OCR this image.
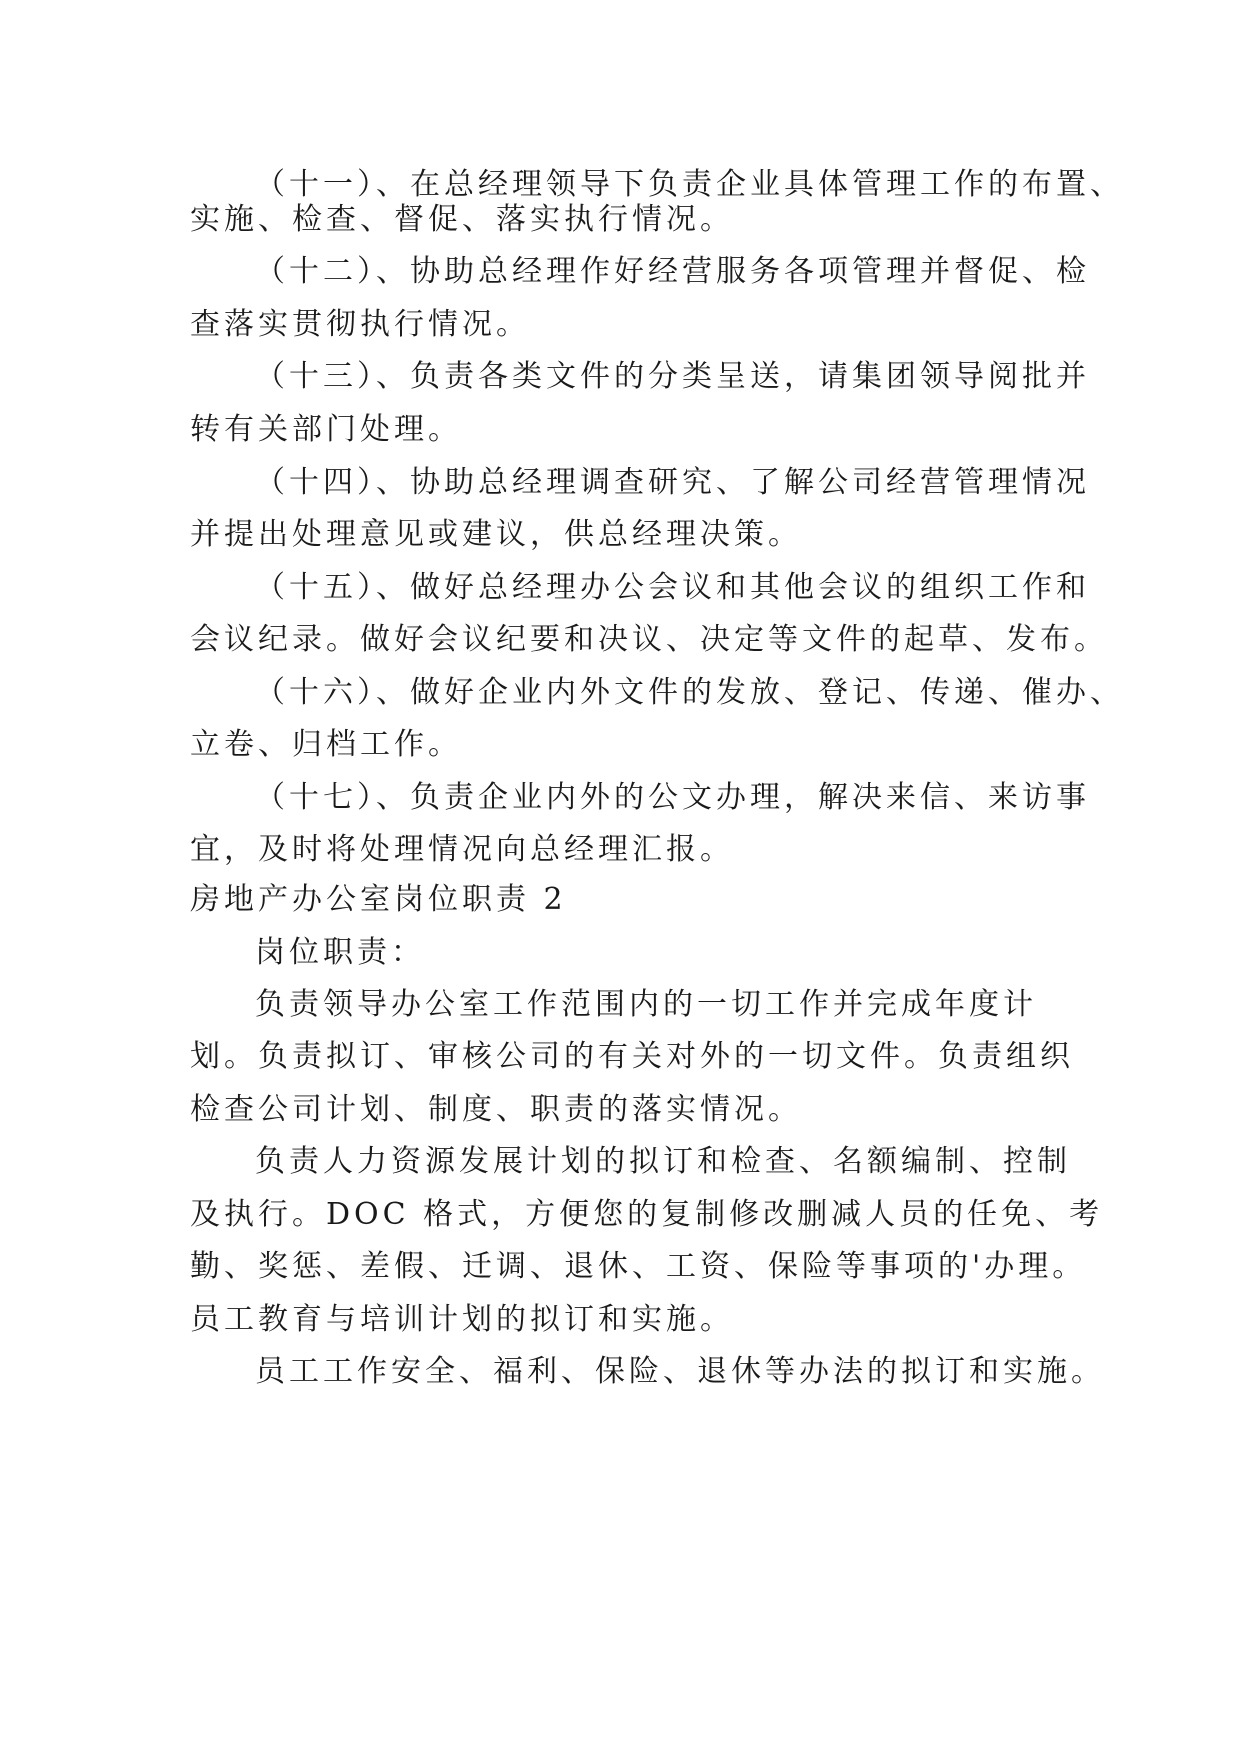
（十一）、在总经理领导下负责企业具体管理工作的布置、
实施、检查、督促、落实执行情况。
（十二）、协助总经理作好经营服务各项管理并督促、检
查落实贯彻执行情况。
（十三）、负责各类文件的分类呈送，请集团领导阅批并
转有关部门处理。
（十四）、协助总经理调查研究、了解公司经营管理情况
并提出处理意见或建议，供总经理决策。
（十五）、做好总经理办公会议和其他会议的组织工作和
会议纪录。做好会议纪要和决议、决定等文件的起草、发布。
（十六）、做好企业内外文件的发放、登记、传递、催办、
立卷、归档工作。
（十七）、负责企业内外的公文办理，解决来信、来访事
宜，及时将处理情况向总经理汇报。
房地产办公室岗位职责 2
岗位职责：
负责领导办公室工作范围内的一切工作并完成年度计
划。负责拟订、审核公司的有关对外的一切文件。负责组织
检查公司计划、制度、职责的落实情况。
负责人力资源发展计划的拟订和检查、名额编制、控制
及执行。DOC 格式，方便您的复制修改删减人员的任免、考
勤、奖惩、差假、迁调、退休、工资、保险等事项的'办理。
员工教育与培训计划的拟订和实施。
员工工作安全、福利、保险、退休等办法的拟订和实施。
